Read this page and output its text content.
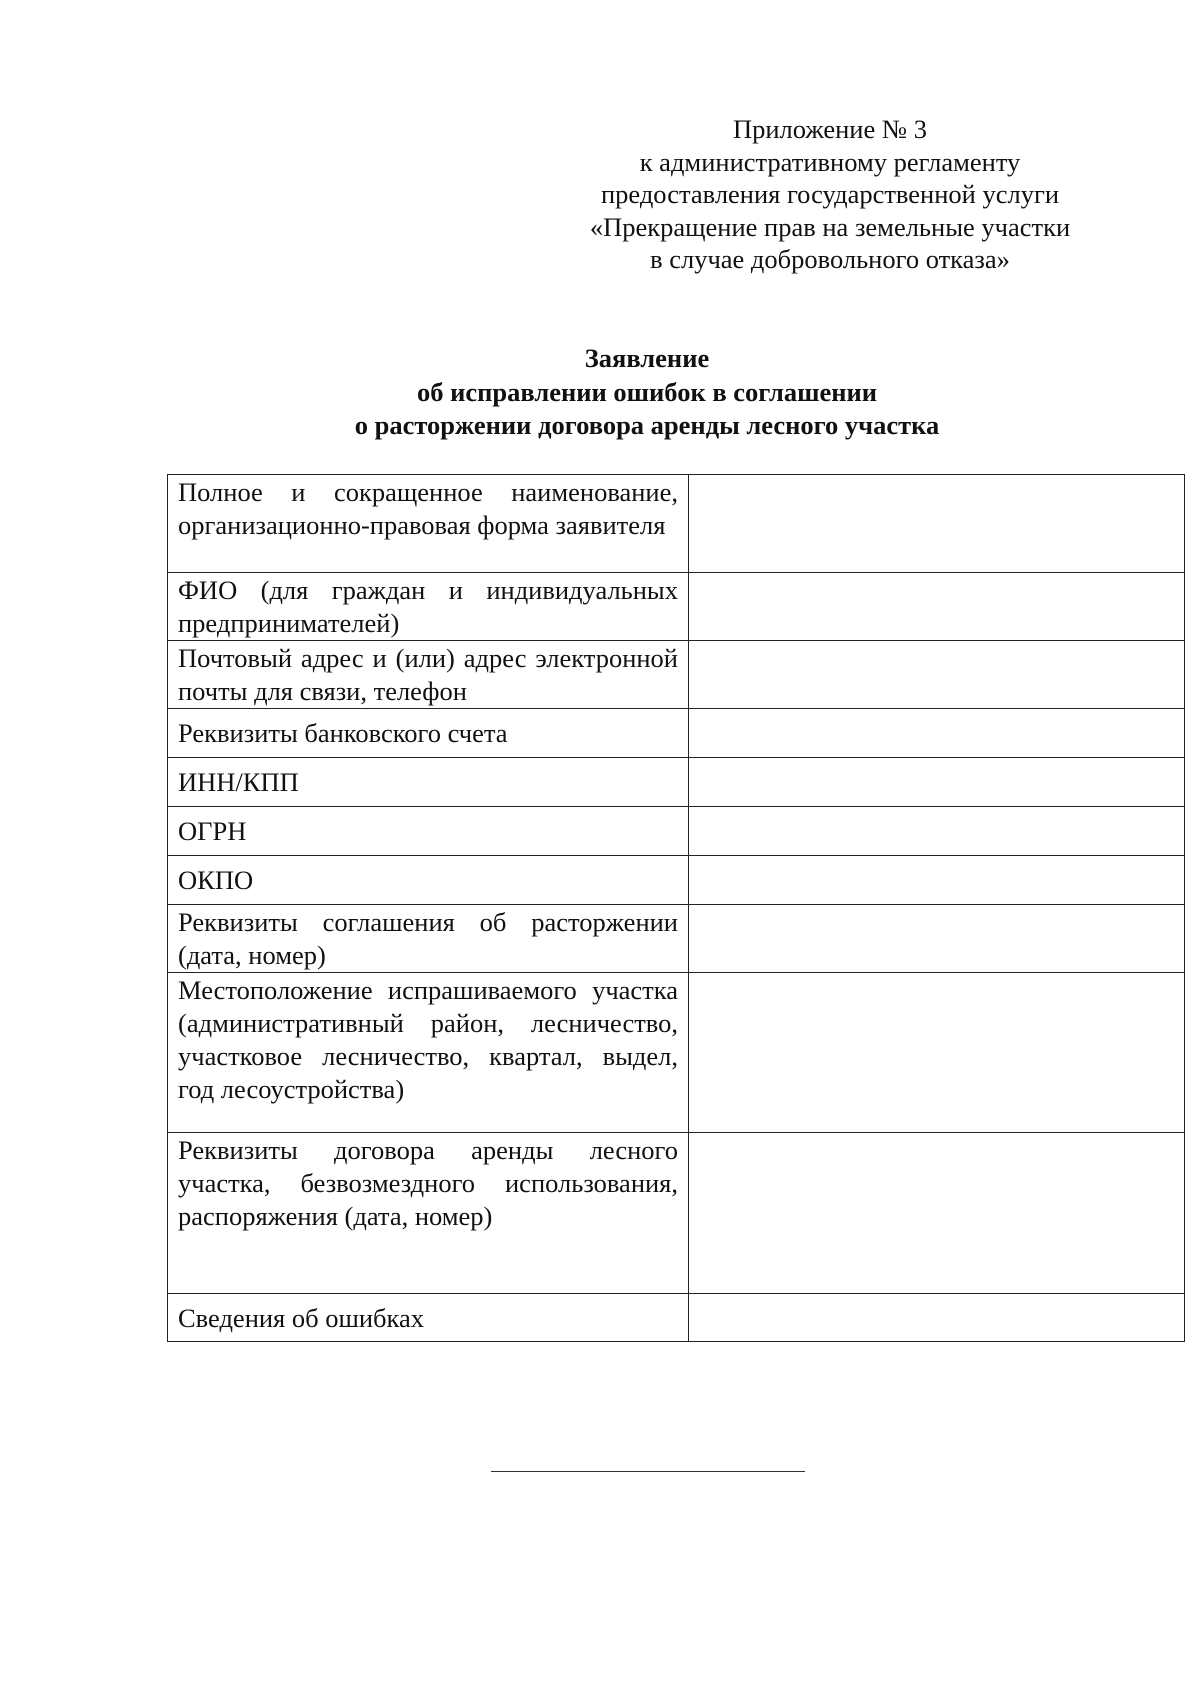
Приложение № 3
к административному регламенту
предоставления государственной услуги
«Прекращение прав на земельные участки
в случае добровольного отказа»
Заявление
об исправлении ошибок в соглашении
о расторжении договора аренды лесного участка
Полное и сокращенное наименование, организационно-правовая форма заявителя	
ФИО (для граждан и индивидуальных предпринимателей)	
Почтовый адрес и (или) адрес электронной почты для связи, телефон	
Реквизиты банковского счета	
ИНН/КПП	
ОГРН	
ОКПО	
Реквизиты соглашения об расторжении (дата, номер)	
Местоположение испрашиваемого участка (административный район, лесничество, участковое лесничество, квартал, выдел, год лесоустройства)	
Реквизиты договора аренды лесного участка, безвозмездного использования, распоряжения (дата, номер)	
Сведения об ошибках	
